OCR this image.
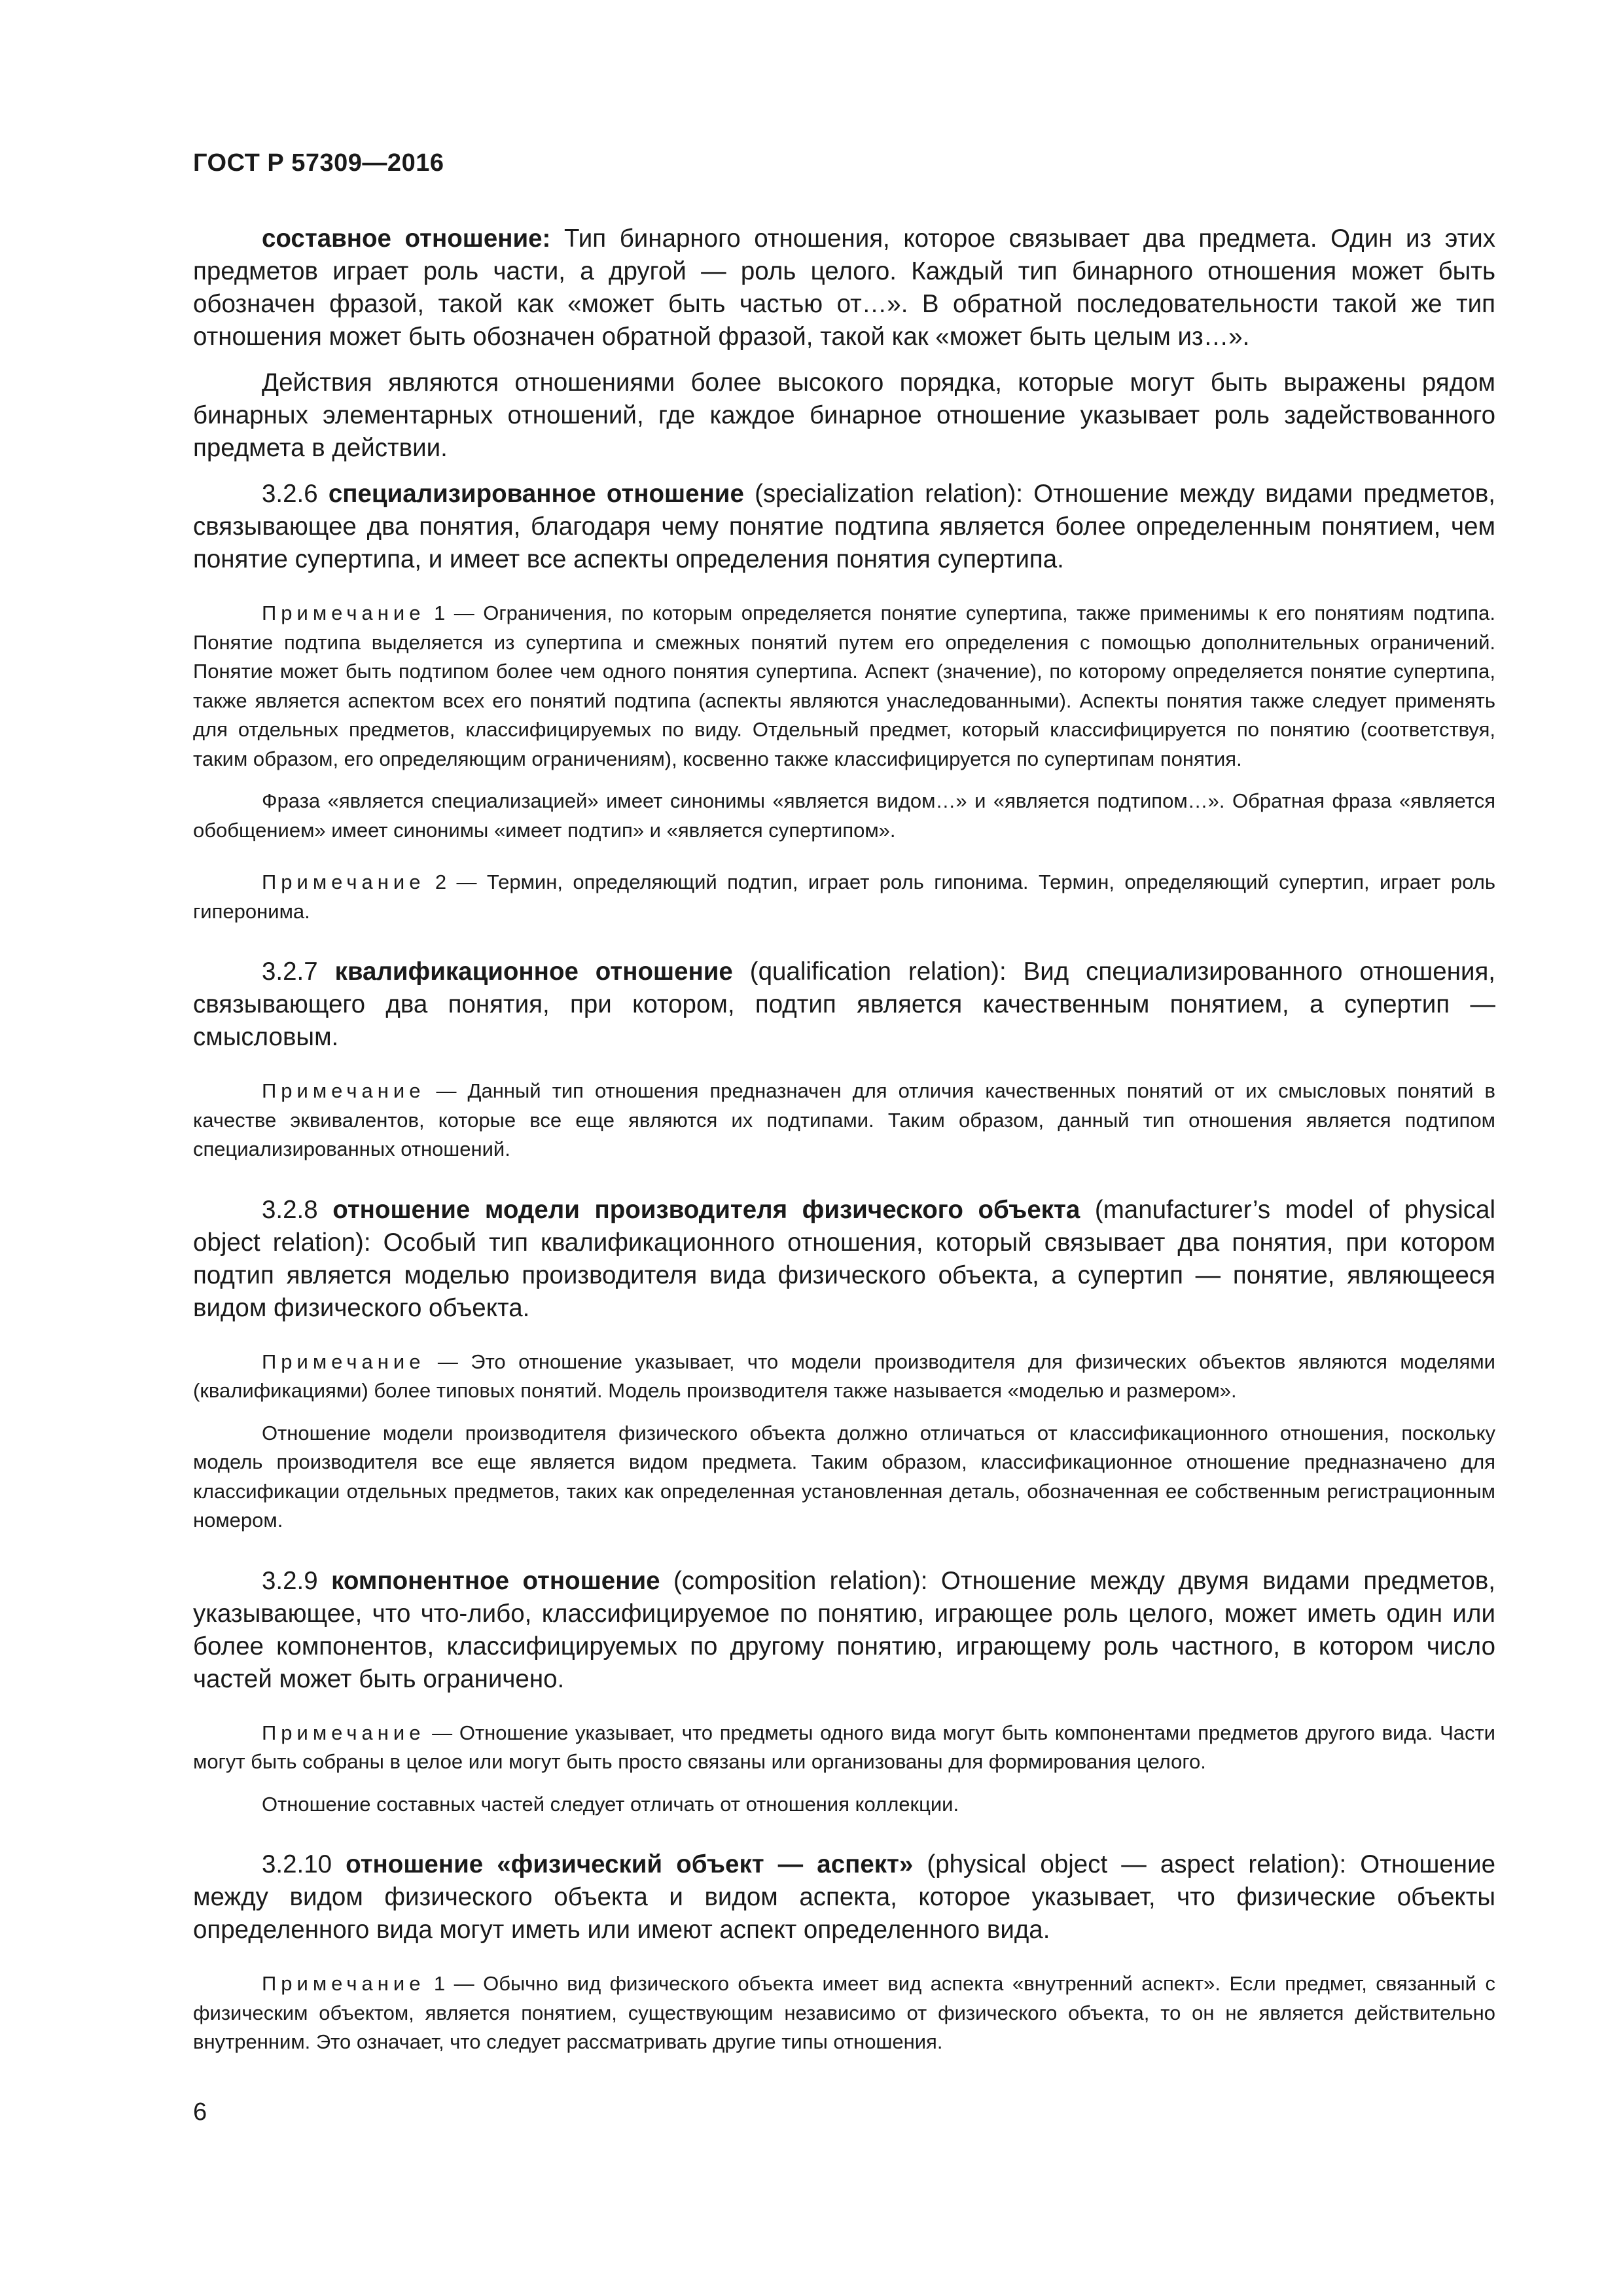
ГОСТ Р 57309—2016

составное отношение: Тип бинарного отношения, которое связывает два предмета. Один из этих предметов играет роль части, а другой — роль целого. Каждый тип бинарного отношения может быть обозначен фразой, такой как «может быть частью от…». В обратной последовательности такой же тип отношения может быть обозначен обратной фразой, такой как «может быть целым из…».

Действия являются отношениями более высокого порядка, которые могут быть выражены рядом бинарных элементарных отношений, где каждое бинарное отношение указывает роль задействованного предмета в действии.

3.2.6 специализированное отношение (specialization relation): Отношение между видами предметов, связывающее два понятия, благодаря чему понятие подтипа является более определенным понятием, чем понятие супертипа, и имеет все аспекты определения понятия супертипа.

Примечание 1 — Ограничения, по которым определяется понятие супертипа, также применимы к его понятиям подтипа. Понятие подтипа выделяется из супертипа и смежных понятий путем его определения с помощью дополнительных ограничений. Понятие может быть подтипом более чем одного понятия супертипа. Аспект (значение), по которому определяется понятие супертипа, также является аспектом всех его понятий подтипа (аспекты являются унаследованными). Аспекты понятия также следует применять для отдельных предметов, классифицируемых по виду. Отдельный предмет, который классифицируется по понятию (соответствуя, таким образом, его определяющим ограничениям), косвенно также классифицируется по супертипам понятия.

Фраза «является специализацией» имеет синонимы «является видом…» и «является подтипом…». Обратная фраза «является обобщением» имеет синонимы «имеет подтип» и «является супертипом».

Примечание 2 — Термин, определяющий подтип, играет роль гипонима. Термин, определяющий супертип, играет роль гиперонима.

3.2.7 квалификационное отношение (qualification relation): Вид специализированного отношения, связывающего два понятия, при котором, подтип является качественным понятием, а супертип — смысловым.

Примечание — Данный тип отношения предназначен для отличия качественных понятий от их смысловых понятий в качестве эквивалентов, которые все еще являются их подтипами. Таким образом, данный тип отношения является подтипом специализированных отношений.

3.2.8 отношение модели производителя физического объекта (manufacturer’s model of physical object relation): Особый тип квалификационного отношения, который связывает два понятия, при котором подтип является моделью производителя вида физического объекта, а супертип — понятие, являющееся видом физического объекта.

Примечание — Это отношение указывает, что модели производителя для физических объектов являются моделями (квалификациями) более типовых понятий. Модель производителя также называется «моделью и размером».

Отношение модели производителя физического объекта должно отличаться от классификационного отношения, поскольку модель производителя все еще является видом предмета. Таким образом, классификационное отношение предназначено для классификации отдельных предметов, таких как определенная установленная деталь, обозначенная ее собственным регистрационным номером.

3.2.9 компонентное отношение (composition relation): Отношение между двумя видами предметов, указывающее, что что-либо, классифицируемое по понятию, играющее роль целого, может иметь один или более компонентов, классифицируемых по другому понятию, играющему роль частного, в котором число частей может быть ограничено.

Примечание — Отношение указывает, что предметы одного вида могут быть компонентами предметов другого вида. Части могут быть собраны в целое или могут быть просто связаны или организованы для формирования целого.

Отношение составных частей следует отличать от отношения коллекции.

3.2.10 отношение «физический объект — аспект» (physical object — aspect relation): Отношение между видом физического объекта и видом аспекта, которое указывает, что физические объекты определенного вида могут иметь или имеют аспект определенного вида.

Примечание 1 — Обычно вид физического объекта имеет вид аспекта «внутренний аспект». Если предмет, связанный с физическим объектом, является понятием, существующим независимо от физического объекта, то он не является действительно внутренним. Это означает, что следует рассматривать другие типы отношения.

6
